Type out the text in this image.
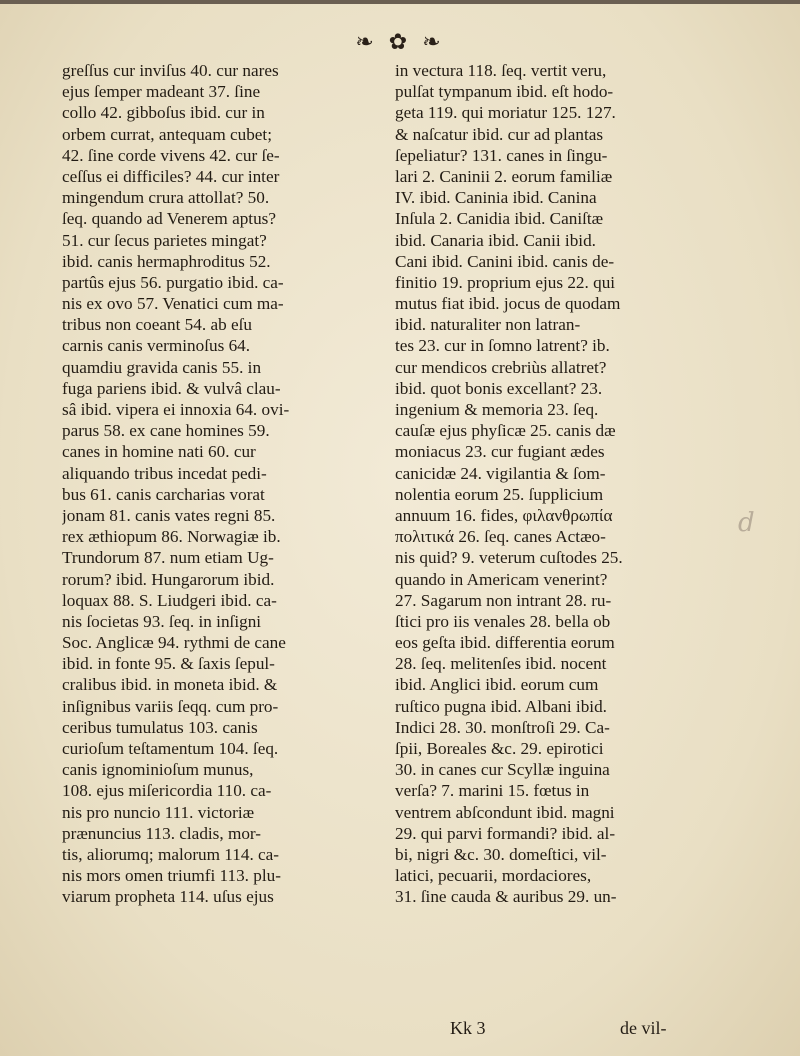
❧ ✿ ❧
greſſus cur inviſus 40. cur nares
ejus ſemper madeant 37. ſine
collo 42. gibboſus ibid. cur in
orbem currat, antequam cubet;
42. ſine corde vivens 42. cur ſe-
ceſſus ei difficiles? 44. cur inter
mingendum crura attollat? 50.
ſeq. quando ad Venerem aptus?
51. cur ſecus parietes mingat?
ibid. canis hermaphroditus 52.
partûs ejus 56. purgatio ibid. ca-
nis ex ovo 57. Venatici cum ma-
tribus non coeant 54. ab eſu
carnis canis verminoſus 64.
quamdiu gravida canis 55. in
fuga pariens ibid. & vulvâ clau-
sâ ibid. vipera ei innoxia 64. ovi-
parus 58. ex cane homines 59.
canes in homine nati 60. cur
aliquando tribus incedat pedi-
bus 61. canis carcharias vorat
jonam 81. canis vates regni 85.
rex æthiopum 86. Norwagiæ ib.
Trundorum 87. num etiam Ug-
rorum? ibid. Hungarorum ibid.
loquax 88. S. Liudgeri ibid. ca-
nis ſocietas 93. ſeq. in inſigni
Soc. Anglicæ 94. rythmi de cane
ibid. in fonte 95. & ſaxis ſepul-
cralibus ibid. in moneta ibid. &
inſignibus variis ſeqq. cum pro-
ceribus tumulatus 103. canis
curioſum teſtamentum 104. ſeq.
canis ignominioſum munus,
108. ejus miſericordia 110. ca-
nis pro nuncio 111. victoriæ
prænuncius 113. cladis, mor-
tis, aliorumq; malorum 114. ca-
nis mors omen triumfi 113. plu-
viarum propheta 114. uſus ejus
in vectura 118. ſeq. vertit veru,
pulſat tympanum ibid. eſt hodo-
geta 119. qui moriatur 125. 127.
& naſcatur ibid. cur ad plantas
ſepeliatur? 131. canes in ſingu-
lari 2. Caninii 2. eorum familiæ
IV. ibid. Caninia ibid. Canina
Inſula 2. Canidia ibid. Caniſtæ
ibid. Canaria ibid. Canii ibid.
Cani ibid. Canini ibid. canis de-
finitio 19. proprium ejus 22. qui
mutus fiat ibid. jocus de quodam
ibid. naturaliter non latran-
tes 23. cur in ſomno latrent? ib.
cur mendicos crebriùs allatret?
ibid. quot bonis excellant? 23.
ingenium & memoria 23. ſeq.
cauſæ ejus phyſicæ 25. canis dæ
moniacus 23. cur fugiant ædes
canicidæ 24. vigilantia & ſom-
nolentia eorum 25. ſupplicium
annuum 16. fides, φιλανθρωπία
πολιτικά 26. ſeq. canes Actæo-
nis quid? 9. veterum cuſtodes 25.
quando in Americam venerint?
27. Sagarum non intrant 28. ru-
ſtici pro iis venales 28. bella ob
eos geſta ibid. differentia eorum
28. ſeq. melitenſes ibid. nocent
ibid. Anglici ibid. eorum cum
ruſtico pugna ibid. Albani ibid.
Indici 28. 30. monſtroſi 29. Ca-
ſpii, Boreales &c. 29. epirotici
30. in canes cur Scyllæ inguina
verſa? 7. marini 15. fœtus in
ventrem abſcondunt ibid. magni
29. qui parvi formandi? ibid. al-
bi, nigri &c. 30. domeſtici, vil-
latici, pecuarii, mordaciores,
31. ſine cauda & auribus 29. un-
d
Kk 3	de vil-
